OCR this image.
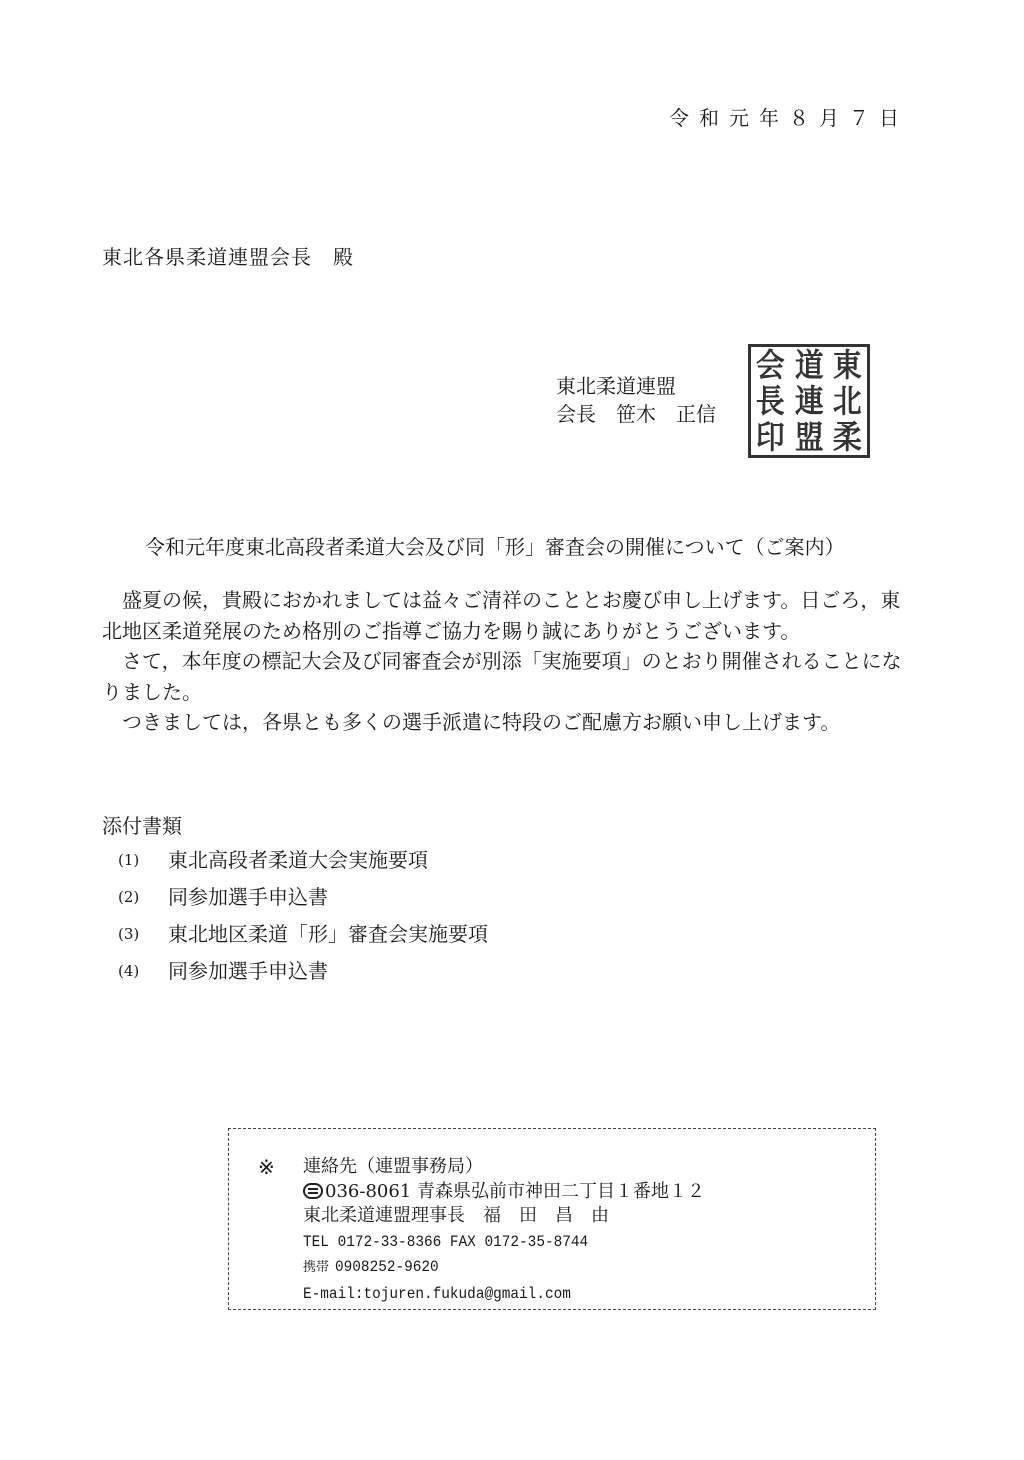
令和元年８月７日
東北各県柔道連盟会長　殿
東北柔道連盟
会長　笹木　正信
会 道 東
長 連 北
印 盟 柔
令和元年度東北高段者柔道大会及び同「形」審査会の開催について（ご案内）

盛夏の候，貴殿におかれましては益々ご清祥のこととお慶び申し上げます。日ごろ，東北地区柔道発展のため格別のご指導ご協力を賜り誠にありがとうございます。

さて，本年度の標記大会及び同審査会が別添「実施要項」のとおり開催されることになりました。

つきましては，各県とも多くの選手派遣に特段のご配慮方お願い申し上げます。

添付書類
(1)	東北高段者柔道大会実施要項
(2)	同参加選手申込書
(3)	東北地区柔道「形」審査会実施要項
(4)	同参加選手申込書
※ 連絡先（連盟事務局）
036-8061 青森県弘前市神田二丁目１番地１２
東北柔道連盟理事長　福　田　昌　由
TEL 0172-33-8366 FAX 0172-35-8744
携帯 0908252-9620
E-mail:tojuren.fukuda@gmail.com
